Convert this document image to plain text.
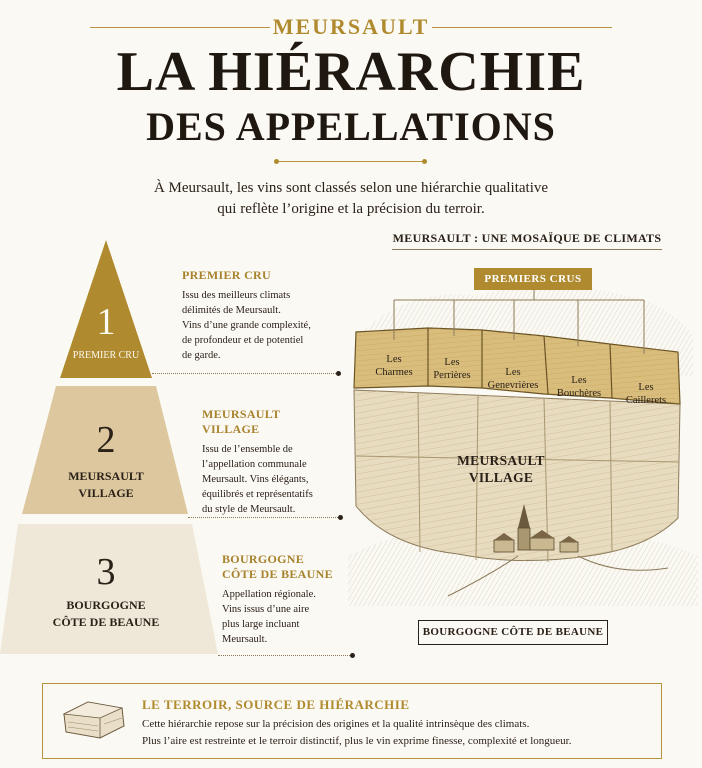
MEURSAULT
LA HIÉRARCHIE
DES APPELLATIONS
À Meursault, les vins sont classés selon une hiérarchie qualitative
qui reflète l’origine et la précision du terroir.
1
PREMIER CRU
2
MEURSAULT
VILLAGE
3
BOURGOGNE
CÔTE DE BEAUNE
PREMIER CRU
Issu des meilleurs climats
délimités de Meursault.
Vins d’une grande complexité,
de profondeur et de potentiel
de garde.
MEURSAULT
VILLAGE
Issu de l’ensemble de
l’appellation communale
Meursault. Vins élégants,
équilibrés et représentatifs
du style de Meursault.
BOURGOGNE
CÔTE DE BEAUNE
Appellation régionale.
Vins issus d’une aire
plus large incluant
Meursault.
MEURSAULT : UNE MOSAÏQUE DE CLIMATS
PREMIERS CRUS
Les
Charmes
Les
Perrières	Les
Genevrières	Les
Bouchères
Les
Caillerets
MEURSAULT
VILLAGE
BOURGOGNE CÔTE DE BEAUNE
LE TERROIR, SOURCE DE HIÉRARCHIE
Cette hiérarchie repose sur la précision des origines et la qualité intrinsèque des climats.
Plus l’aire est restreinte et le terroir distinctif, plus le vin exprime finesse, complexité et longueur.
